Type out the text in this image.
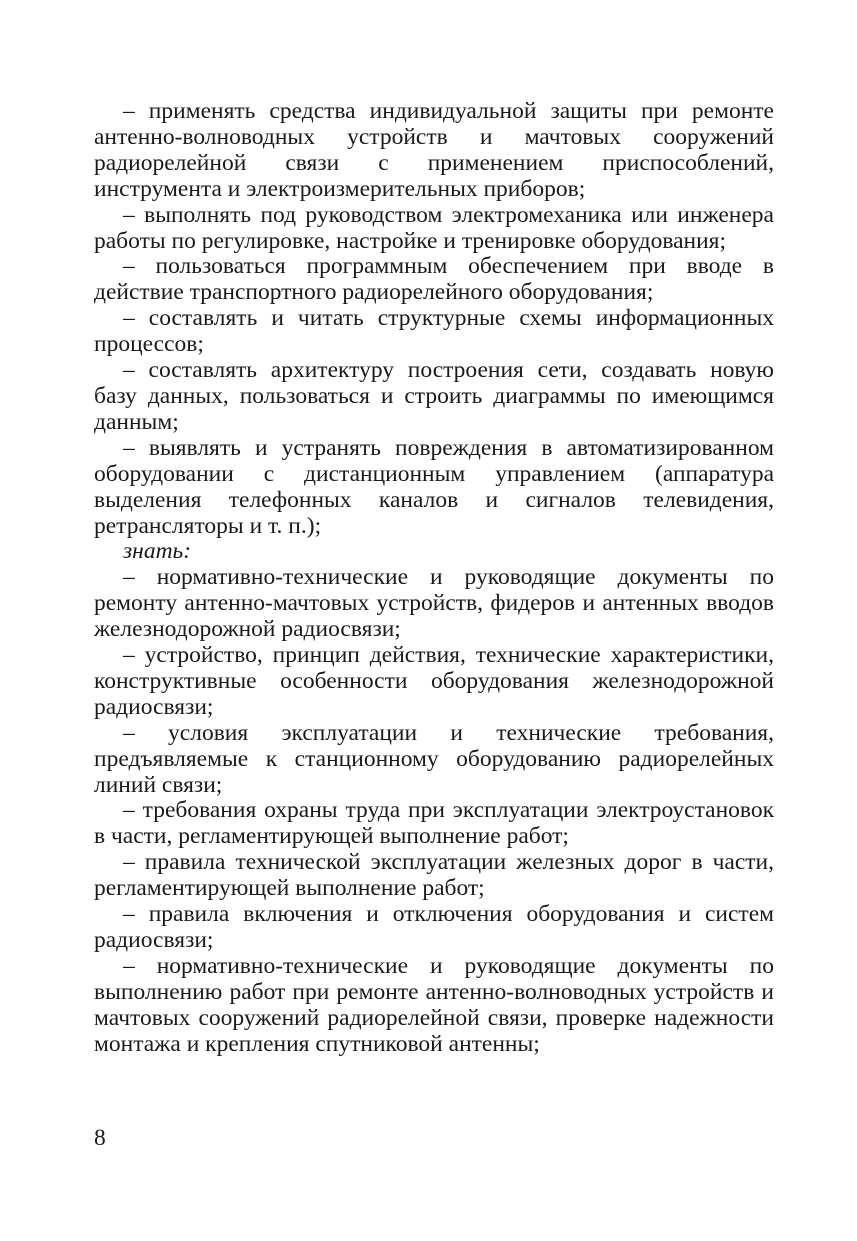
– применять средства индивидуальной защиты при ремонте антенно-волноводных устройств и мачтовых сооружений радиорелейной связи с применением приспособлений, инструмента и электроизмерительных приборов;

– выполнять под руководством электромеханика или инженера работы по регулировке, настройке и тренировке оборудования;

– пользоваться программным обеспечением при вводе в действие транспортного радиорелейного оборудования;

– составлять и читать структурные схемы информационных процессов;

– составлять архитектуру построения сети, создавать новую базу данных, пользоваться и строить диаграммы по имеющимся данным;

– выявлять и устранять повреждения в автоматизированном оборудовании с дистанционным управлением (аппаратура выделения телефонных каналов и сигналов телевидения, ретрансляторы и т. п.);

знать:

– нормативно-технические и руководящие документы по ремонту антенно-мачтовых устройств, фидеров и антенных вводов железнодорожной радиосвязи;

– устройство, принцип действия, технические характеристики, конструктивные особенности оборудования железнодорожной радиосвязи;

– условия эксплуатации и технические требования, предъявляемые к станционному оборудованию радиорелейных линий связи;

– требования охраны труда при эксплуатации электроустановок в части, регламентирующей выполнение работ;

– правила технической эксплуатации железных дорог в части, регламентирующей выполнение работ;

– правила включения и отключения оборудования и систем радиосвязи;

– нормативно-технические и руководящие документы по выполнению работ при ремонте антенно-волноводных устройств и мачтовых сооружений радиорелейной связи, проверке надежности монтажа и крепления спутниковой антенны;

8
